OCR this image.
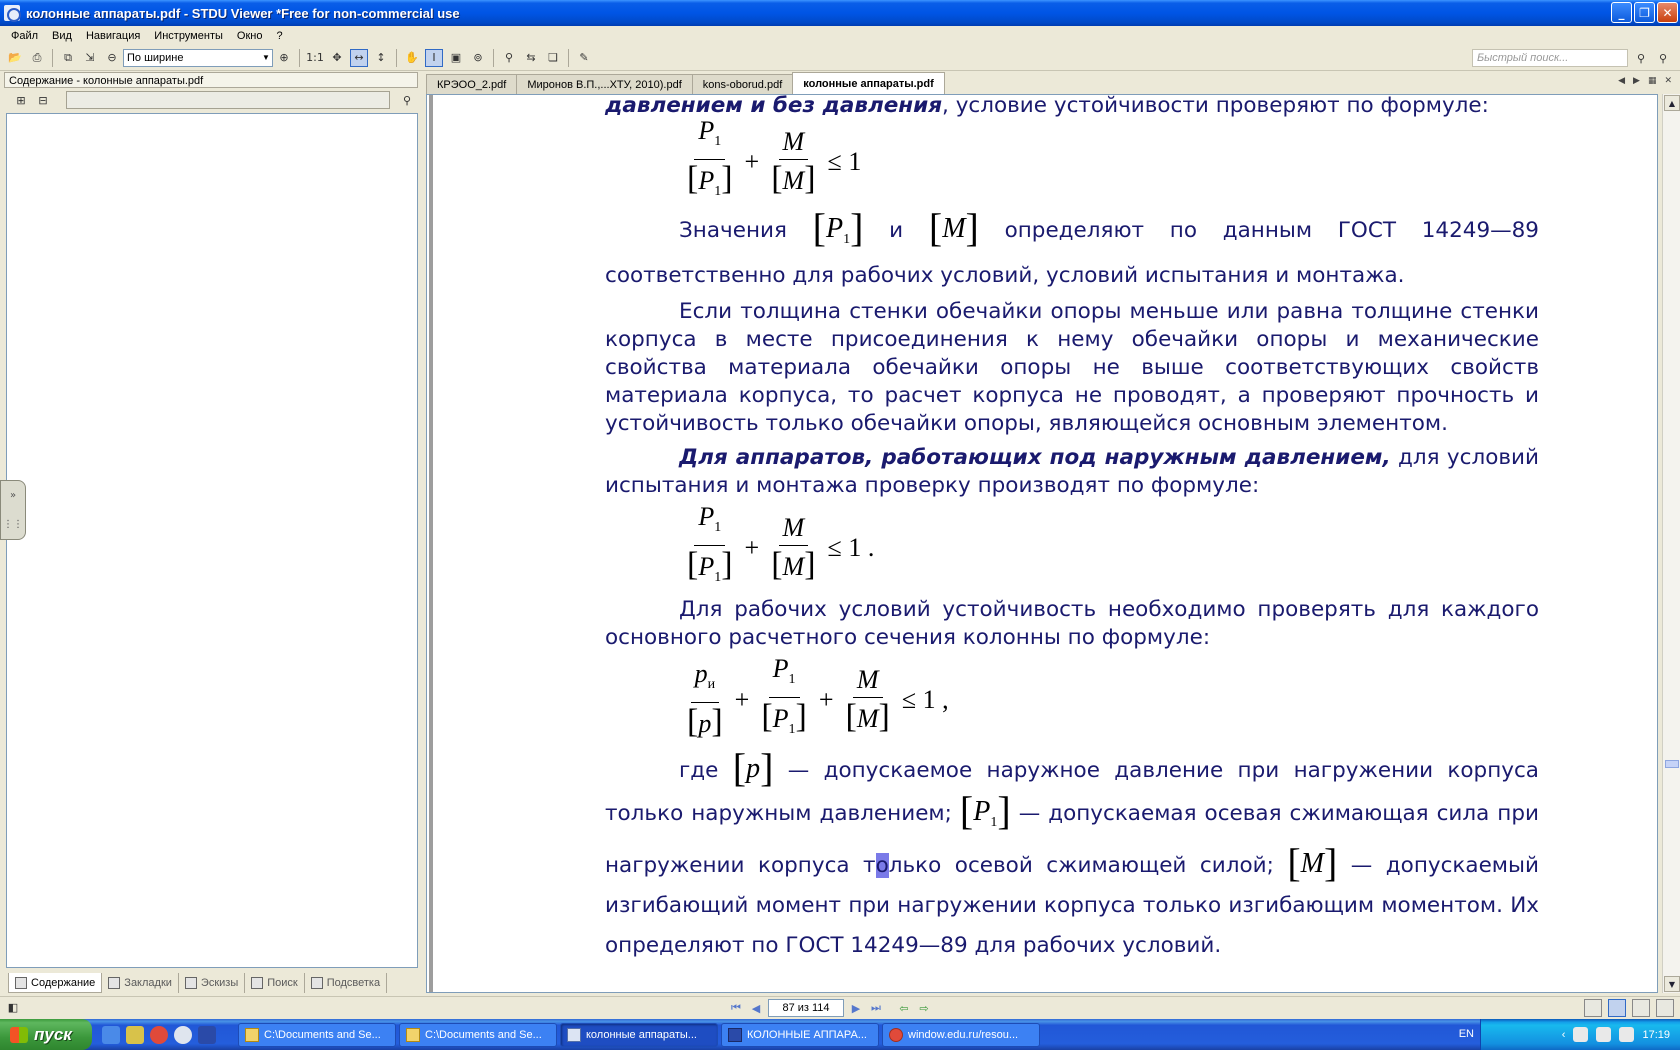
колонные аппараты.pdf - STDU Viewer *Free for non-commercial use	_	❐	✕
Файл	Вид	Навигация	Инструменты	Окно	?
📂 ⎙	⧉	⇲	⊖ По ширине	▼ ⊕	1:1 ✥	↔	↕	✋	I	▣	⊚	⚲	⇆	❏	✎	Быстрый поиск...	⚲	⚲
Содержание - колонные аппараты.pdf
⊞	⊟	⚲
Содержание	Закладки	Эскизы	Поиск	Подсветка
»
⋮⋮
КРЭОО_2.pdf	Миронов В.П.,...ХТУ, 2010).pdf	kons-oborud.pdf	колонные аппараты.pdf	◀ ▶ ▦ ✕
давлением и без давления, условие устойчивости проверяют по формуле:
$\frac{P_1}{[P_1]} + \frac{M}{[M]} \le 1$
Значения $[P_1]$ и [M] определяют по данным ГОСТ 14249—89 соответственно для рабочих условий, условий испытания и монтажа.
Если толщина стенки обечайки опоры меньше или равна толщине стенки корпуса в месте присоединения к нему обечайки опоры и механические свойства материала обечайки опоры не выше соответствующих свойств материала корпуса, то расчет корпуса не проводят, а проверяют прочность и устойчивость только обечайки опоры, являющейся основным элементом.
Для аппаратов, работающих под наружным давлением, для условий испытания и монтажа проверку производят по формуле:
$\frac{P_1}{[P_1]} + \frac{M}{[M]} \le 1$ .
Для рабочих условий устойчивость необходимо проверять для каждого основного расчетного сечения колонны по формуле:
$\frac{p_и}{[p]} + \frac{P_1}{[P_1]} + \frac{M}{[M]} \le 1$ ,
где [p] — допускаемое наружное давление при нагружении корпуса только наружным давлением; $[P_1]$ — допускаемая осевая сжимающая сила при нагружении корпуса только осевой сжимающей силой; [M] — допускаемый изгибающий момент при нагружении корпуса только изгибающим моментом. Их определяют по ГОСТ 14249—89 для рабочих условий.
▲
▼
◧	⏮ ◀	87 из 114	▶ ⏭	⇦ ⇨
пуск	C:\Documents and Se...	C:\Documents and Se...	колонные аппараты...	КОЛОННЫЕ АППАРА...	window.edu.ru/resou...	EN	‹	17:19
